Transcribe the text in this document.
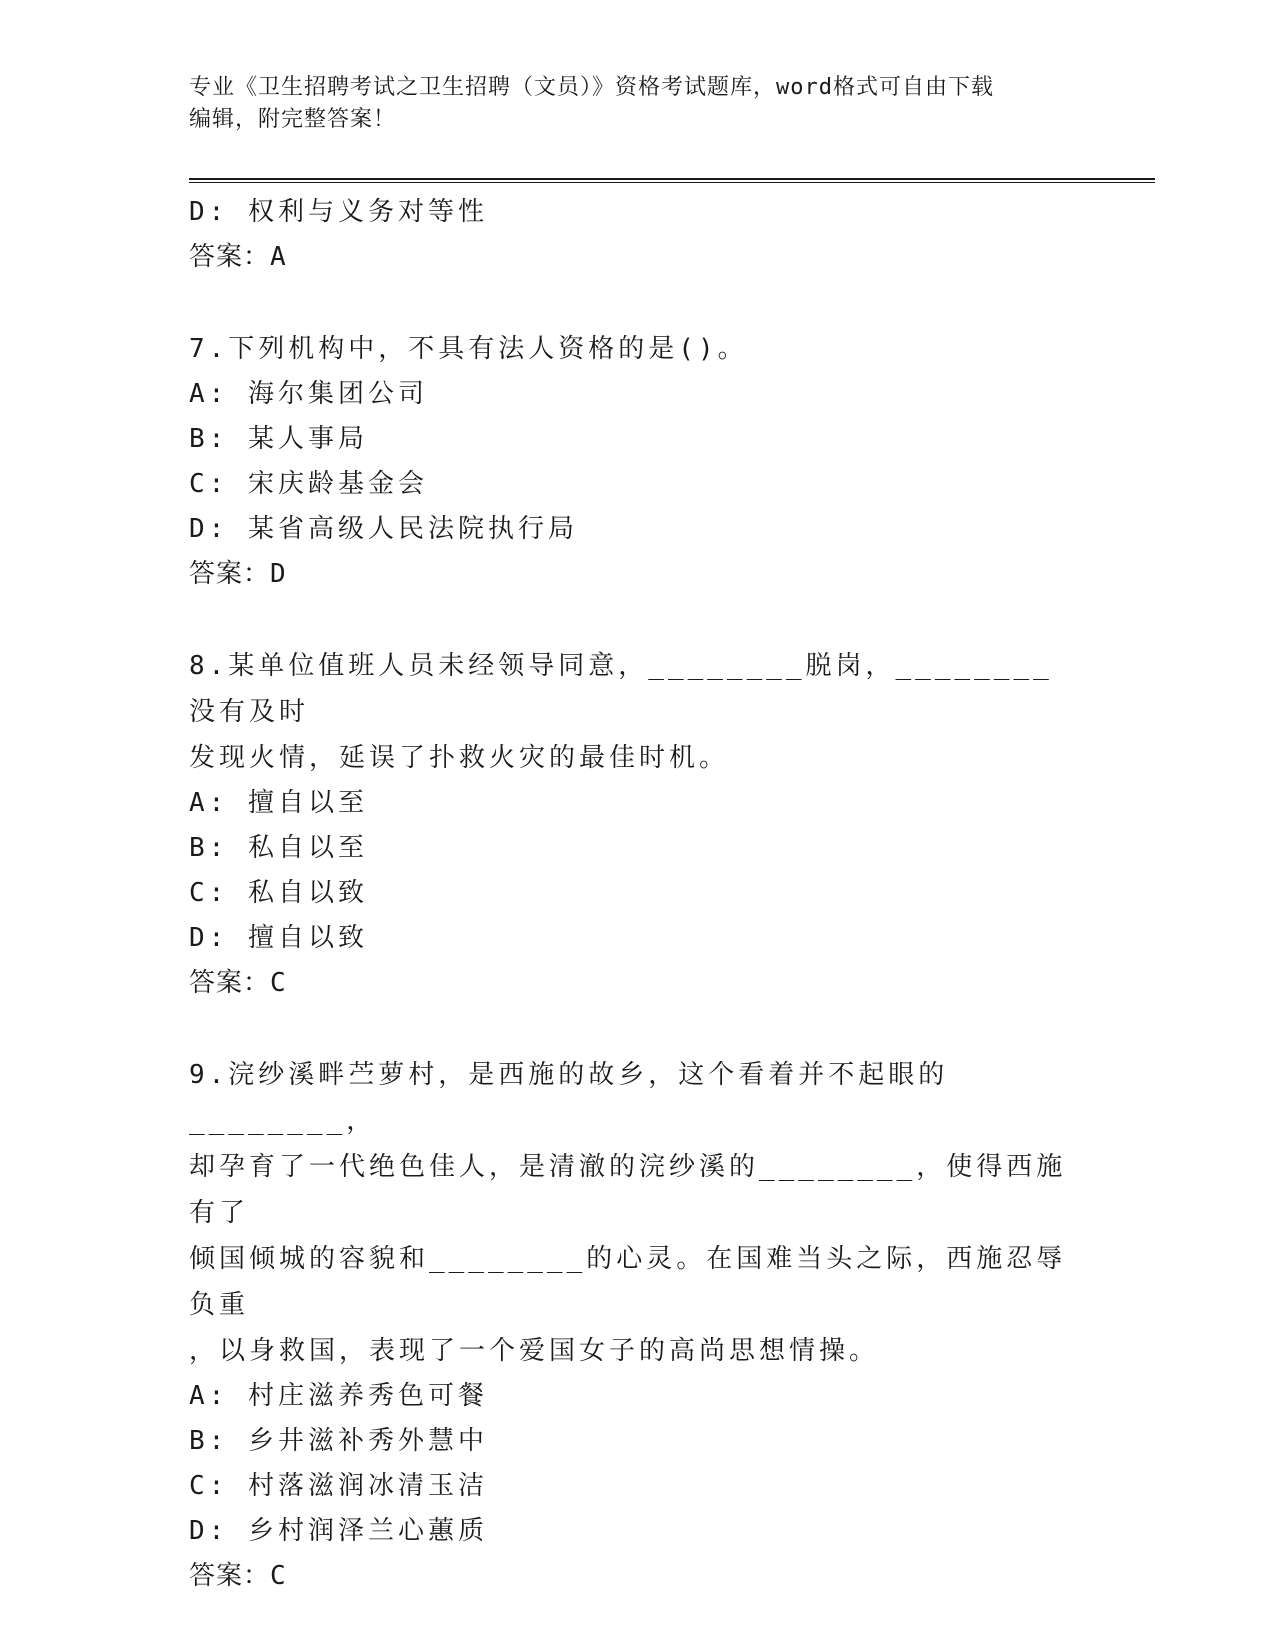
专业《卫生招聘考试之卫生招聘（文员）》资格考试题库，word格式可自由下载
编辑，附完整答案！
D: 权利与义务对等性
答案：A
7.下列机构中，不具有法人资格的是()。
A: 海尔集团公司
B: 某人事局
C: 宋庆龄基金会
D: 某省高级人民法院执行局
答案：D
8.某单位值班人员未经领导同意，________脱岗，________没有及时
发现火情，延误了扑救火灾的最佳时机。
A: 擅自以至
B: 私自以至
C: 私自以致
D: 擅自以致
答案：C
9.浣纱溪畔苎萝村，是西施的故乡，这个看着并不起眼的________，
却孕育了一代绝色佳人，是清澈的浣纱溪的________，使得西施有了
倾国倾城的容貌和________的心灵。在国难当头之际，西施忍辱负重
，以身救国，表现了一个爱国女子的高尚思想情操。
A: 村庄滋养秀色可餐
B: 乡井滋补秀外慧中
C: 村落滋润冰清玉洁
D: 乡村润泽兰心蕙质
答案：C
